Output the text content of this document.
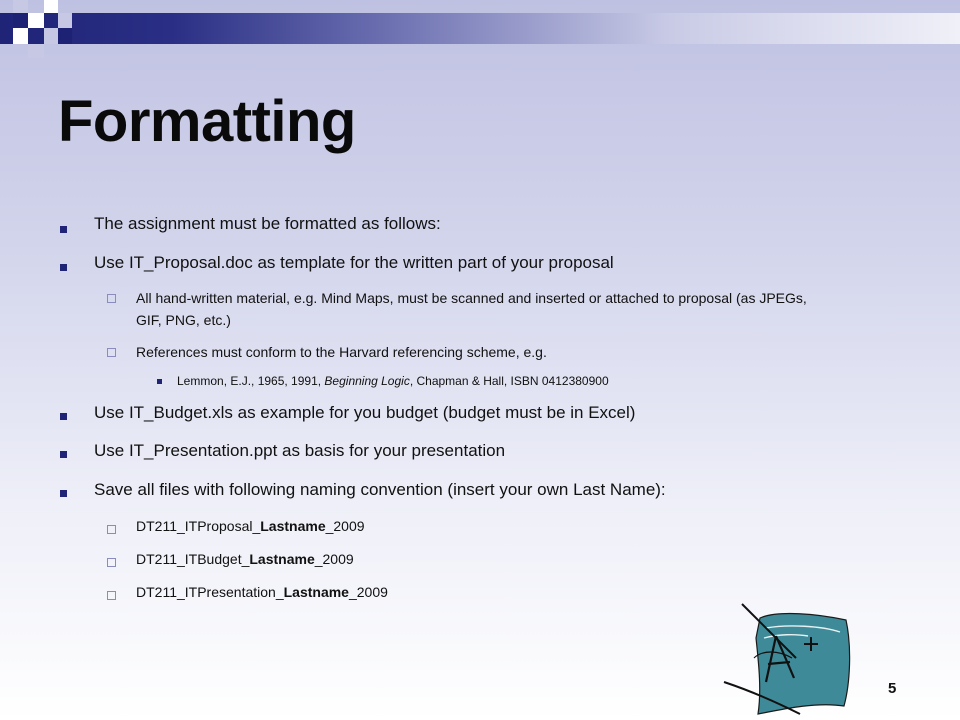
Formatting
The assignment must be formatted as follows:
Use IT_Proposal.doc as template for the written part of your proposal
All hand-written material, e.g. Mind Maps, must be scanned and inserted or attached to proposal (as JPEGs,
GIF, PNG, etc.)
References must conform to the Harvard referencing scheme, e.g.
Lemmon, E.J., 1965, 1991, Beginning Logic, Chapman & Hall, ISBN 0412380900
Use IT_Budget.xls as example for you budget (budget must be in Excel)
Use IT_Presentation.ppt as basis for your presentation
Save all files with following naming convention (insert your own Last Name):
DT211_ITProposal_Lastname_2009
DT211_ITBudget_Lastname_2009
DT211_ITPresentation_Lastname_2009
5
